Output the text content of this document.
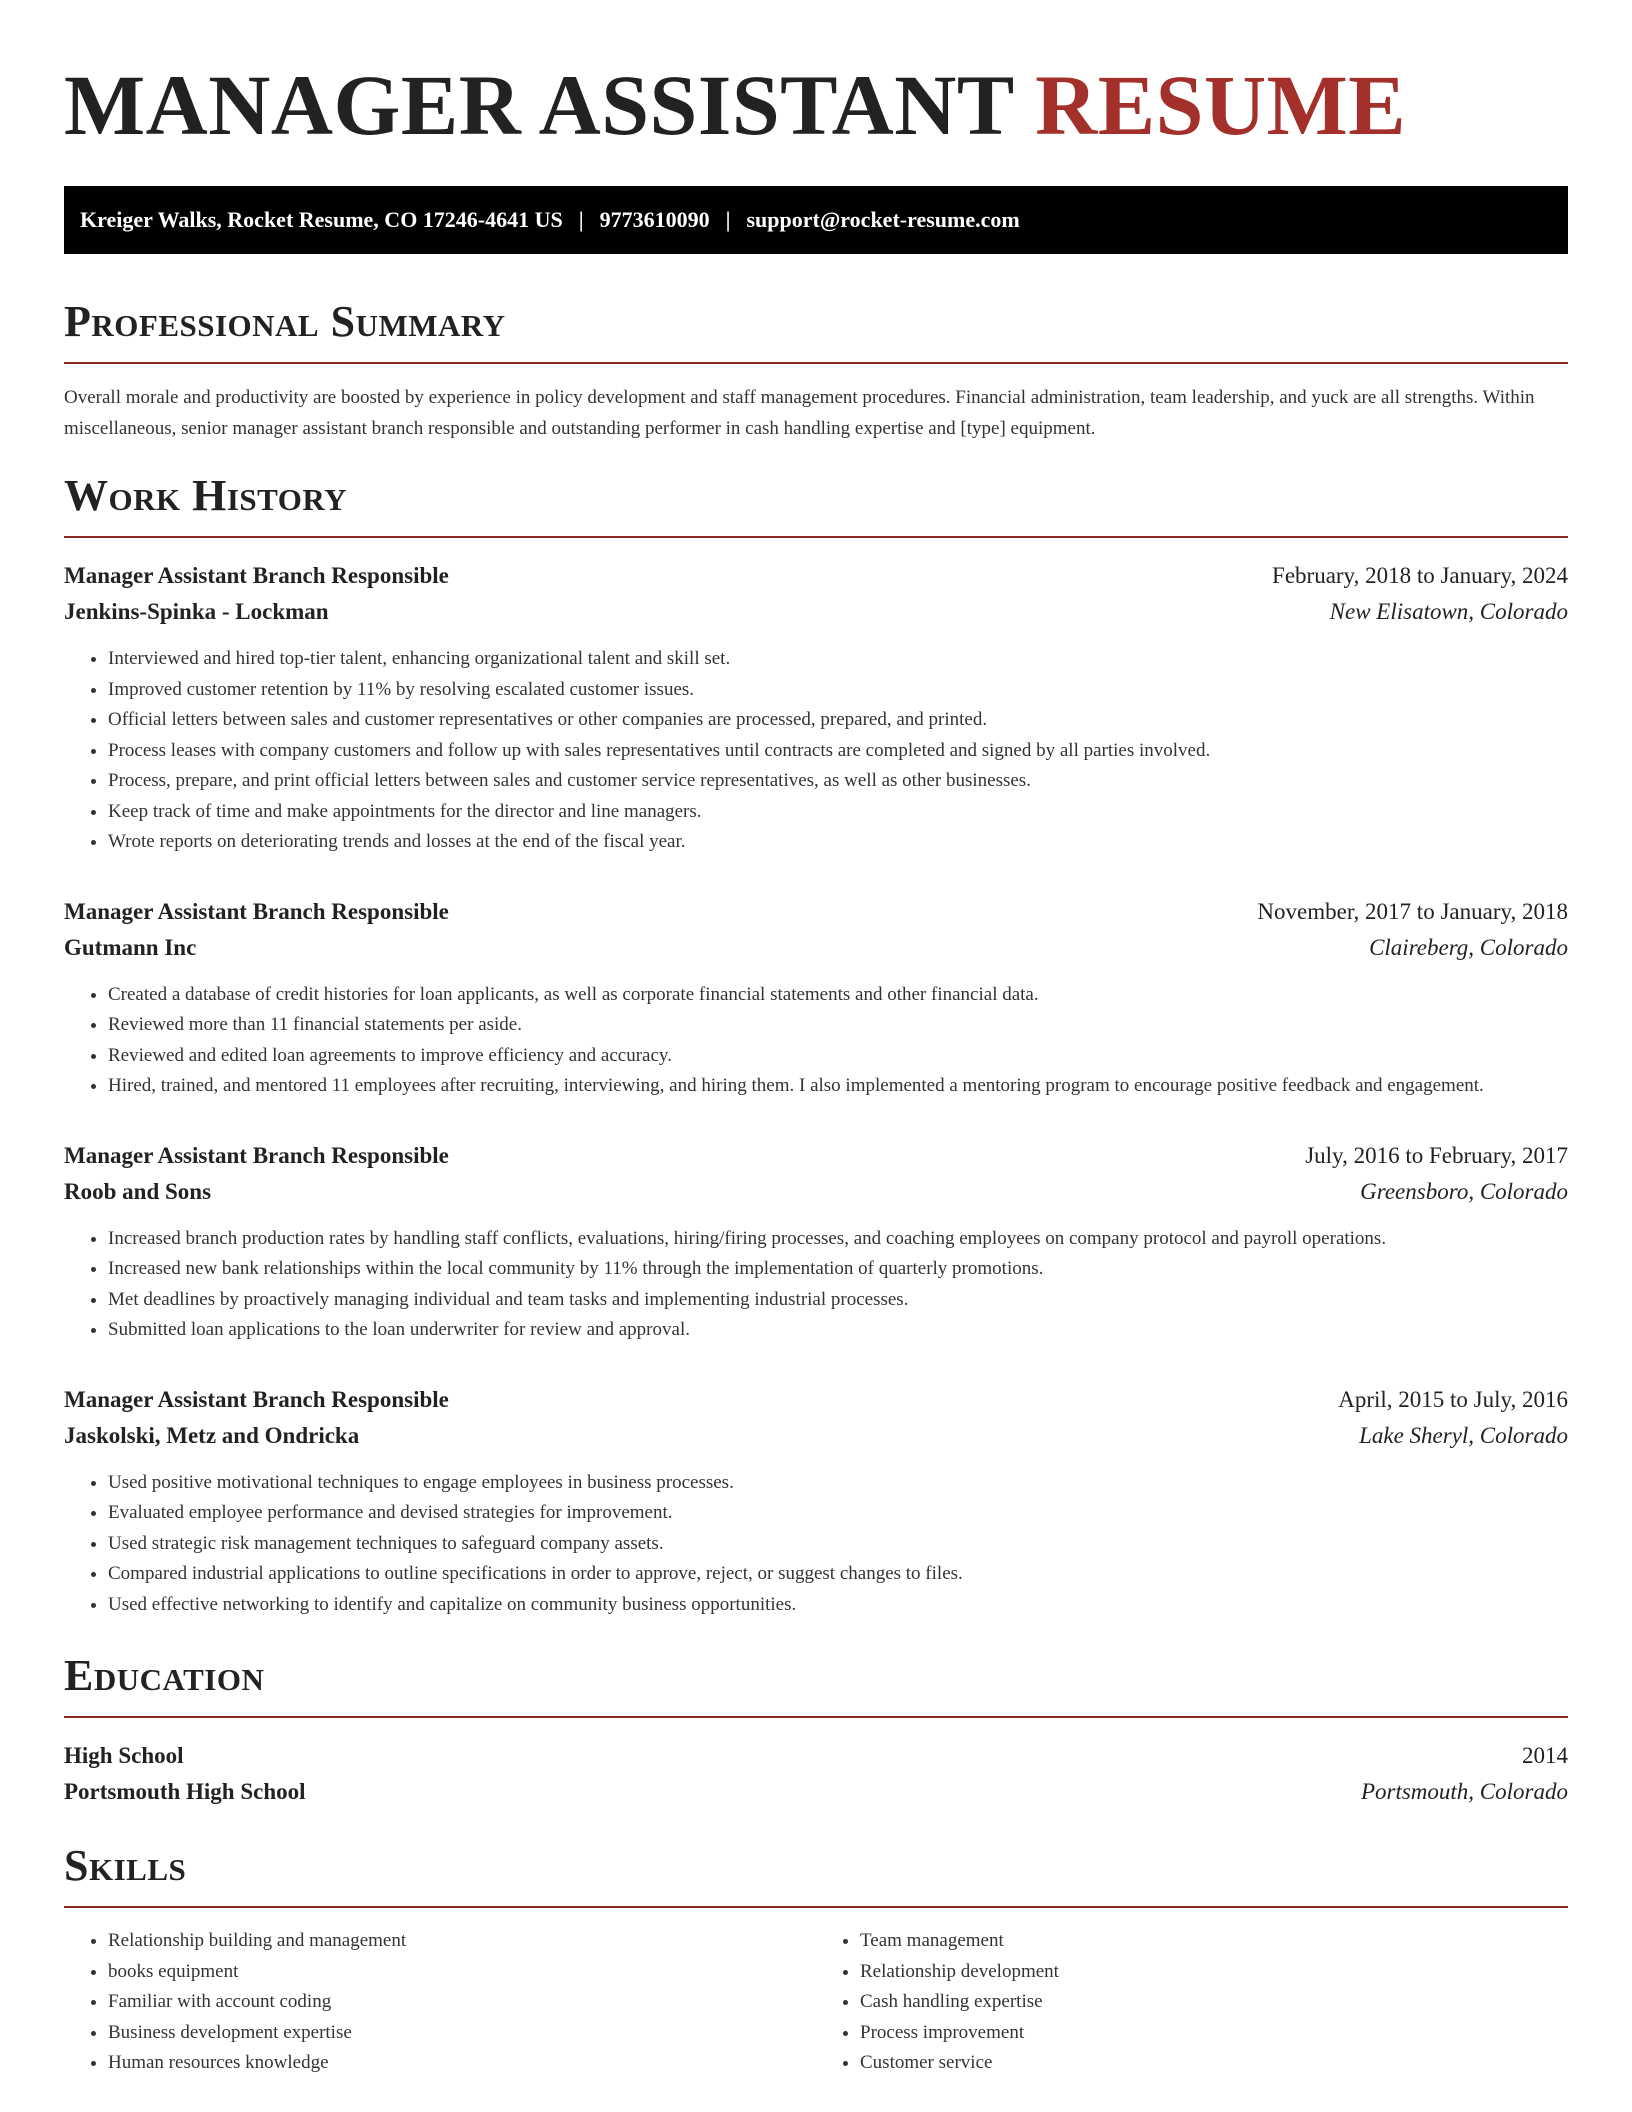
MANAGER ASSISTANT RESUME
Kreiger Walks, Rocket Resume, CO 17246-4641 US | 9773610090 | support@rocket-resume.com
Professional Summary

Overall morale and productivity are boosted by experience in policy development and staff management procedures. Financial administration, team leadership, and yuck are all strengths. Within miscellaneous, senior manager assistant branch responsible and outstanding performer in cash handling expertise and [type] equipment.

Work History
Manager Assistant Branch Responsible	February, 2018 to January, 2024
Jenkins-Spinka - Lockman	New Elisatown, Colorado
• Interviewed and hired top-tier talent, enhancing organizational talent and skill set.
• Improved customer retention by 11% by resolving escalated customer issues.
• Official letters between sales and customer representatives or other companies are processed, prepared, and printed.
• Process leases with company customers and follow up with sales representatives until contracts are completed and signed by all parties involved.
• Process, prepare, and print official letters between sales and customer service representatives, as well as other businesses.
• Keep track of time and make appointments for the director and line managers.
• Wrote reports on deteriorating trends and losses at the end of the fiscal year.
Manager Assistant Branch Responsible	November, 2017 to January, 2018
Gutmann Inc	Claireberg, Colorado
• Created a database of credit histories for loan applicants, as well as corporate financial statements and other financial data.
• Reviewed more than 11 financial statements per aside.
• Reviewed and edited loan agreements to improve efficiency and accuracy.
• Hired, trained, and mentored 11 employees after recruiting, interviewing, and hiring them. I also implemented a mentoring program to encourage positive feedback and engagement.
Manager Assistant Branch Responsible	July, 2016 to February, 2017
Roob and Sons	Greensboro, Colorado
• Increased branch production rates by handling staff conflicts, evaluations, hiring/firing processes, and coaching employees on company protocol and payroll operations.
• Increased new bank relationships within the local community by 11% through the implementation of quarterly promotions.
• Met deadlines by proactively managing individual and team tasks and implementing industrial processes.
• Submitted loan applications to the loan underwriter for review and approval.
Manager Assistant Branch Responsible	April, 2015 to July, 2016
Jaskolski, Metz and Ondricka	Lake Sheryl, Colorado
• Used positive motivational techniques to engage employees in business processes.
• Evaluated employee performance and devised strategies for improvement.
• Used strategic risk management techniques to safeguard company assets.
• Compared industrial applications to outline specifications in order to approve, reject, or suggest changes to files.
• Used effective networking to identify and capitalize on community business opportunities.
Education
High School	2014
Portsmouth High School	Portsmouth, Colorado
Skills
• Relationship building and management
• books equipment
• Familiar with account coding
• Business development expertise
• Human resources knowledge
• Team management
• Relationship development
• Cash handling expertise
• Process improvement
• Customer service
